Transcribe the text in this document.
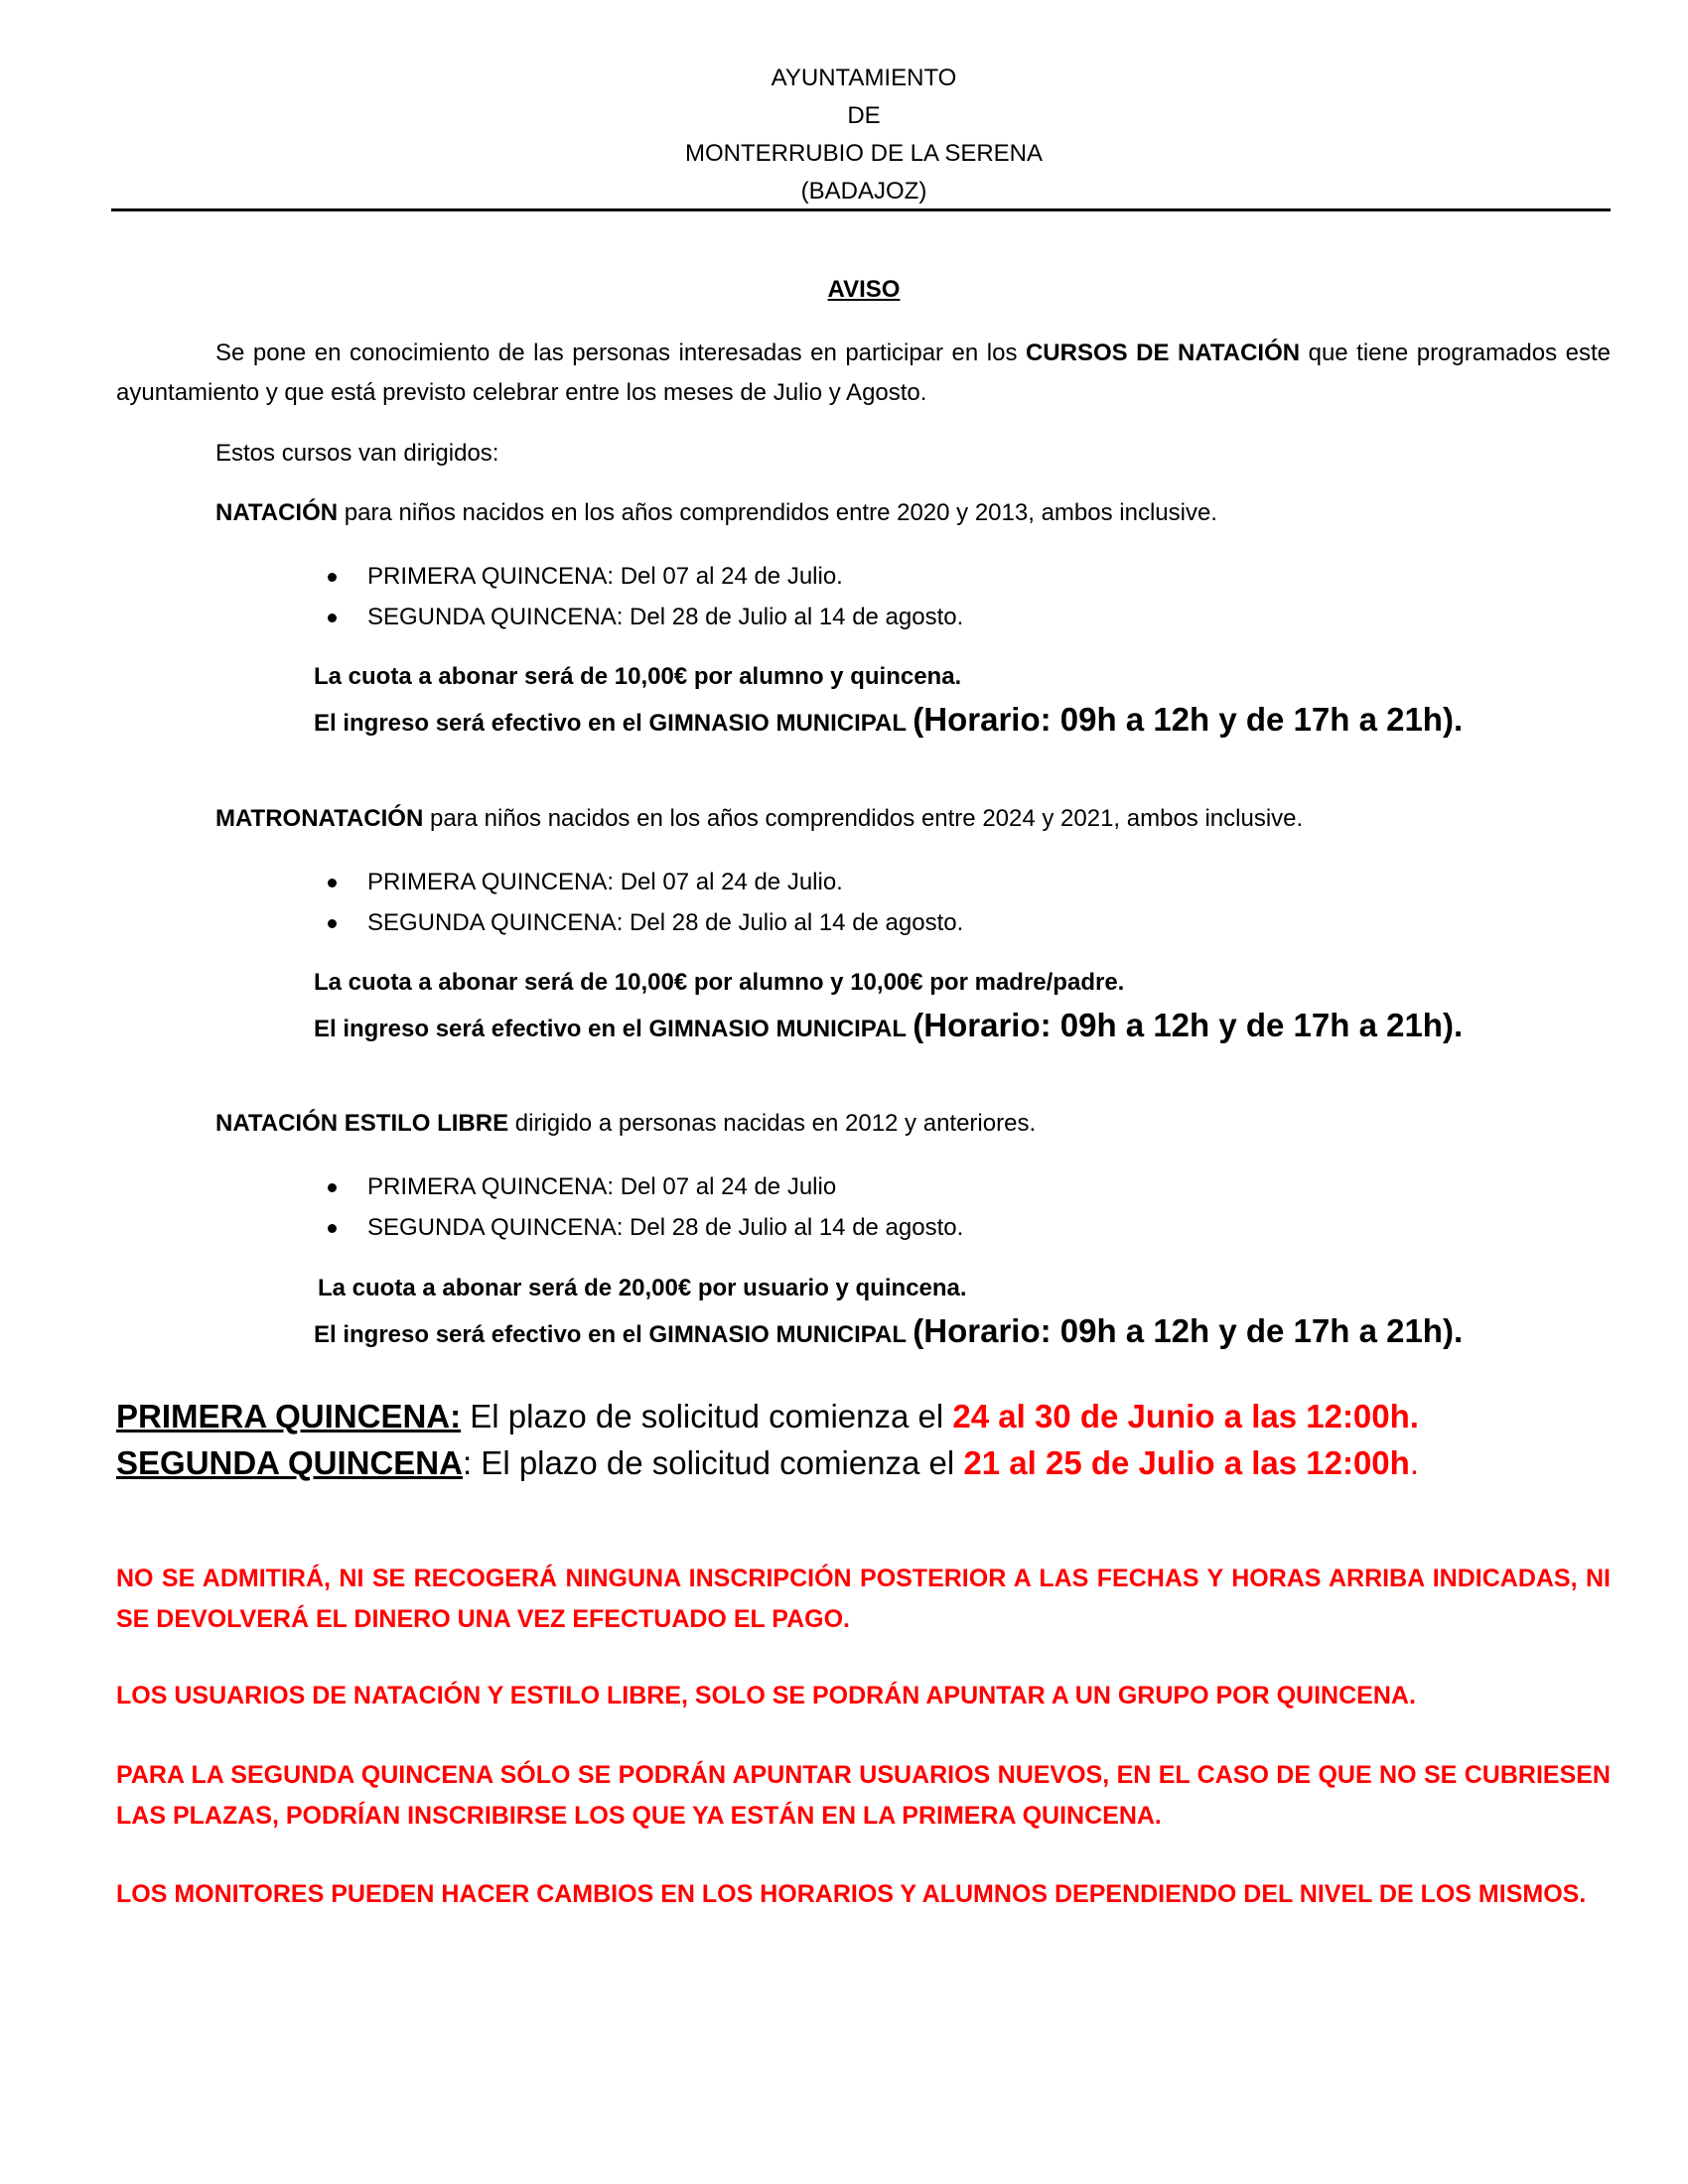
AYUNTAMIENTO
DE
MONTERRUBIO DE LA SERENA
(BADAJOZ)
AVISO
Se pone en conocimiento de las personas interesadas en participar en los CURSOS DE NATACIÓN que tiene programados este ayuntamiento y que está previsto celebrar entre los meses de Julio y Agosto.
Estos cursos van dirigidos:
NATACIÓN para niños nacidos en los años comprendidos entre 2020 y 2013, ambos inclusive.
PRIMERA QUINCENA: Del 07 al 24 de Julio.
SEGUNDA QUINCENA: Del 28 de Julio al 14 de agosto.
La cuota a abonar será de 10,00€ por alumno y quincena.
El ingreso será efectivo en el GIMNASIO MUNICIPAL (Horario: 09h a 12h y de 17h a 21h).
MATRONATACIÓN para niños nacidos en los años comprendidos entre 2024 y 2021, ambos inclusive.
PRIMERA QUINCENA: Del 07 al 24 de Julio.
SEGUNDA QUINCENA: Del 28 de Julio al 14 de agosto.
La cuota a abonar será de 10,00€ por alumno y 10,00€ por madre/padre.
El ingreso será efectivo en el GIMNASIO MUNICIPAL (Horario: 09h a 12h y de 17h a 21h).
NATACIÓN ESTILO LIBRE dirigido a personas nacidas en 2012 y anteriores.
PRIMERA QUINCENA: Del 07 al 24 de Julio
SEGUNDA QUINCENA: Del 28 de Julio al 14 de agosto.
La cuota a abonar será de 20,00€ por usuario y quincena.
El ingreso será efectivo en el GIMNASIO MUNICIPAL (Horario: 09h a 12h y de 17h a 21h).
PRIMERA QUINCENA: El plazo de solicitud comienza el 24 al 30 de Junio a las 12:00h.
SEGUNDA QUINCENA: El plazo de solicitud comienza el 21 al 25 de Julio a las 12:00h.
NO SE ADMITIRÁ, NI SE RECOGERÁ NINGUNA INSCRIPCIÓN POSTERIOR A LAS FECHAS Y HORAS ARRIBA INDICADAS, NI SE DEVOLVERÁ EL DINERO UNA VEZ EFECTUADO EL PAGO.
LOS USUARIOS DE NATACIÓN Y ESTILO LIBRE, SOLO SE PODRÁN APUNTAR A UN GRUPO POR QUINCENA.
PARA LA SEGUNDA QUINCENA SÓLO SE PODRÁN APUNTAR USUARIOS NUEVOS, EN EL CASO DE QUE NO SE CUBRIESEN LAS PLAZAS, PODRÍAN INSCRIBIRSE LOS QUE YA ESTÁN EN LA PRIMERA QUINCENA.
LOS MONITORES PUEDEN HACER CAMBIOS EN LOS HORARIOS Y ALUMNOS DEPENDIENDO DEL NIVEL DE LOS MISMOS.
